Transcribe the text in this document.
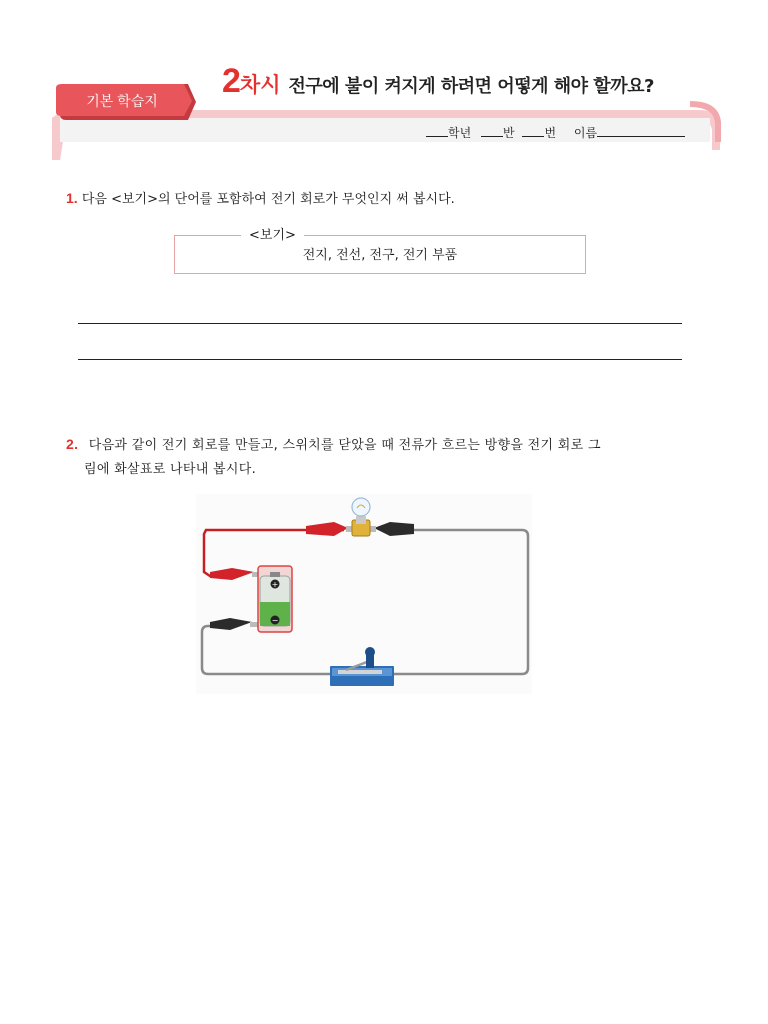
기본 학습지
2 차시 전구에 불이 켜지게 하려면 어떻게 해야 할까요?
학년	반 번 이름
1. 다음 <보기>의 단어를 포함하여 전기 회로가 무엇인지 써 봅시다.
<보기>
전지, 전선, 전구, 전기 부품
2. 다음과 같이 전기 회로를 만들고, 스위치를 닫았을 때 전류가 흐르는 방향을 전기 회로 그
림에 화살표로 나타내 봅시다.
+
−
